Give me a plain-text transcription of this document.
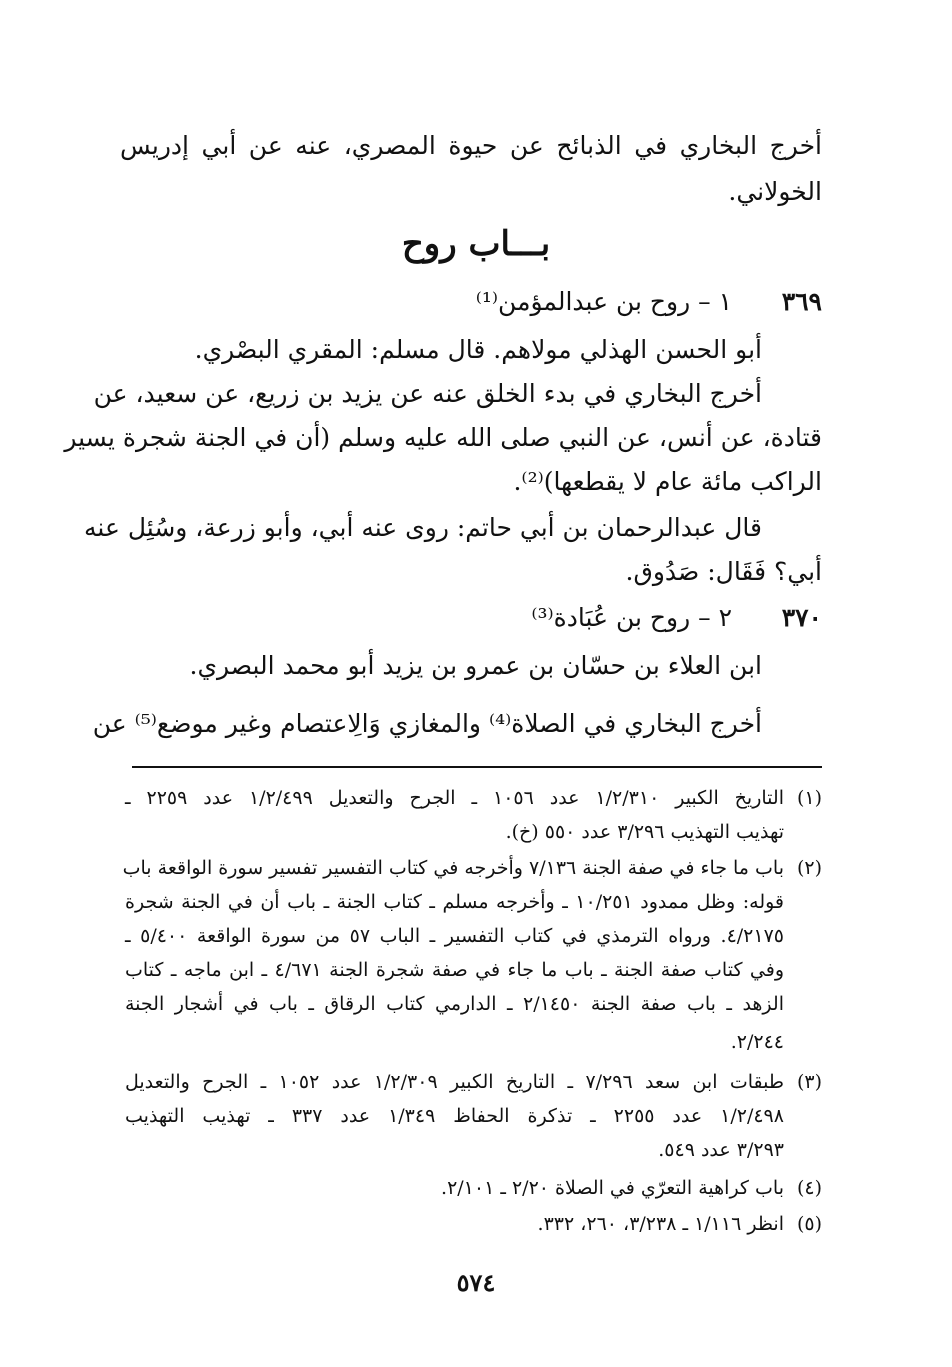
أخرج البخاري في الذبائح عن حيوة المصري، عنه عن أبي إدريس
الخولاني.
بـــاب روح
٣٦٩
١ – روح بن عبدالمؤمن⁽¹⁾
أبو الحسن الهذلي مولاهم. قال مسلم: المقري البصْري.
أخرج البخاري في بدء الخلق عنه عن يزيد بن زريع، عن سعيد، عن
قتادة، عن أنس، عن النبي صلى الله عليه وسلم (أن في الجنة شجرة يسير
الراكب مائة عام لا يقطعها)⁽²⁾.
قال عبدالرحمان بن أبي حاتم: روى عنه أبي، وأبو زرعة، وسُئِل عنه
أبي؟ فَقَال: صَدُوق.
٣٧٠
٢ – روح بن عُبَادة⁽³⁾
ابن العلاء بن حسّان بن عمرو بن يزيد أبو محمد البصري.
أخرج البخاري في الصلاة⁽⁴⁾ والمغازي وَالِاعتصام وغير موضع⁽⁵⁾ عن
(١)
التاريخ الكبير ١/٢/٣١٠ عدد ١٠٥٦ ـ الجرح والتعديل ١/٢/٤٩٩ عدد ٢٢٥٩ ـ
تهذيب التهذيب ٣/٢٩٦ عدد ٥٥٠ (خ).
(٢)
باب ما جاء في صفة الجنة ٧/١٣٦ وأخرجه في كتاب التفسير تفسير سورة الواقعة باب
قوله: وظل ممدود ١٠/٢٥١ ـ وأخرجه مسلم ـ كتاب الجنة ـ باب أن في الجنة شجرة
٤/٢١٧٥. ورواه الترمذي في كتاب التفسير ـ الباب ٥٧ من سورة الواقعة ٥/٤٠٠ ـ
وفي كتاب صفة الجنة ـ باب ما جاء في صفة شجرة الجنة ٤/٦٧١ ـ ابن ماجه ـ كتاب
الزهد ـ باب صفة الجنة ٢/١٤٥٠ ـ الدارمي كتاب الرقاق ـ باب في أشجار الجنة
٢/٢٤٤.
(٣)
طبقات ابن سعد ٧/٢٩٦ ـ التاريخ الكبير ١/٢/٣٠٩ عدد ١٠٥٢ ـ الجرح والتعديل
١/٢/٤٩٨ عدد ٢٢٥٥ ـ تذكرة الحفاظ ١/٣٤٩ عدد ٣٣٧ ـ تهذيب التهذيب
٣/٢٩٣ عدد ٥٤٩.
(٤)
باب كراهية التعرّي في الصلاة ٢/٢٠ ـ ٢/١٠١.
(٥)
انظر ١/١١٦ ـ ٣/٢٣٨، ٢٦٠، ٣٣٢.
٥٧٤
